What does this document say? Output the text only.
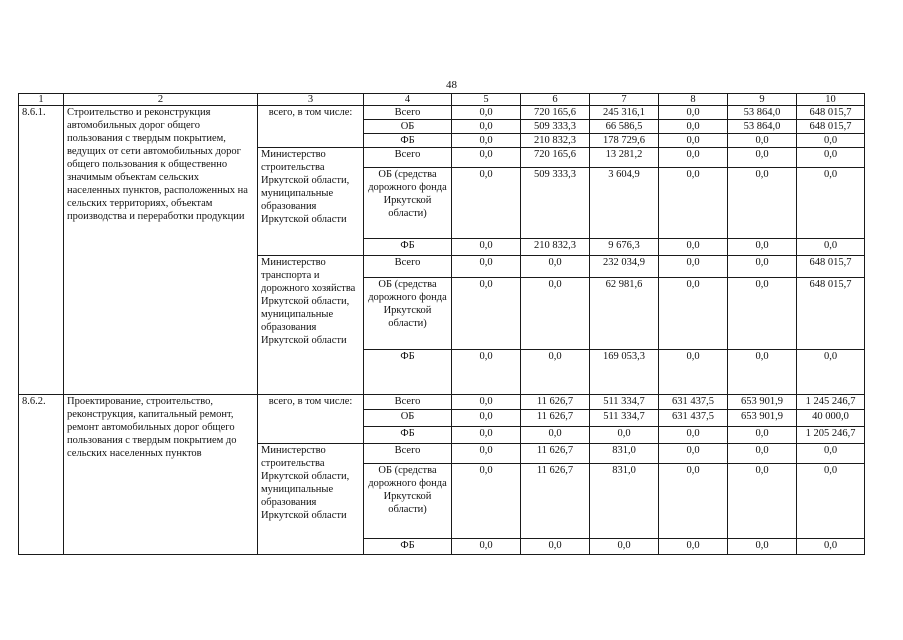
48
1	2	3	4	5	6	7	8	9	10
8.6.1.	Строительство и реконструкция автомобильных дорог общего пользования с твердым покрытием, ведущих от сети автомобильных дорог общего пользования к общественно значимым объектам сельских населенных пунктов, расположенных на сельских территориях, объектам производства и переработки продукции	всего, в том числе:	Всего	0,0	720 165,6	245 316,1	0,0	53 864,0	648 015,7
			ОБ	0,0	509 333,3	66 586,5	0,0	53 864,0	648 015,7
			ФБ	0,0	210 832,3	178 729,6	0,0	0,0	0,0
		Министерство строительства Иркутской области, муниципальные образования Иркутской области	Всего	0,0	720 165,6	13 281,2	0,0	0,0	0,0
			ОБ (средства дорожного фонда Иркутской области)	0,0	509 333,3	3 604,9	0,0	0,0	0,0
			ФБ	0,0	210 832,3	9 676,3	0,0	0,0	0,0
		Министерство транспорта и дорожного хозяйства Иркутской области, муниципальные образования Иркутской области	Всего	0,0	0,0	232 034,9	0,0	0,0	648 015,7
			ОБ (средства дорожного фонда Иркутской области)	0,0	0,0	62 981,6	0,0	0,0	648 015,7
			ФБ	0,0	0,0	169 053,3	0,0	0,0	0,0
8.6.2.	Проектирование, строительство, реконструкция, капитальный ремонт, ремонт автомобильных дорог общего пользования с твердым покрытием до сельских населенных пунктов	всего, в том числе:	Всего	0,0	11 626,7	511 334,7	631 437,5	653 901,9	1 245 246,7
			ОБ	0,0	11 626,7	511 334,7	631 437,5	653 901,9	40 000,0
			ФБ	0,0	0,0	0,0	0,0	0,0	1 205 246,7
		Министерство строительства Иркутской области, муниципальные образования Иркутской области	Всего	0,0	11 626,7	831,0	0,0	0,0	0,0
			ОБ (средства дорожного фонда Иркутской области)	0,0	11 626,7	831,0	0,0	0,0	0,0
			ФБ	0,0	0,0	0,0	0,0	0,0	0,0
